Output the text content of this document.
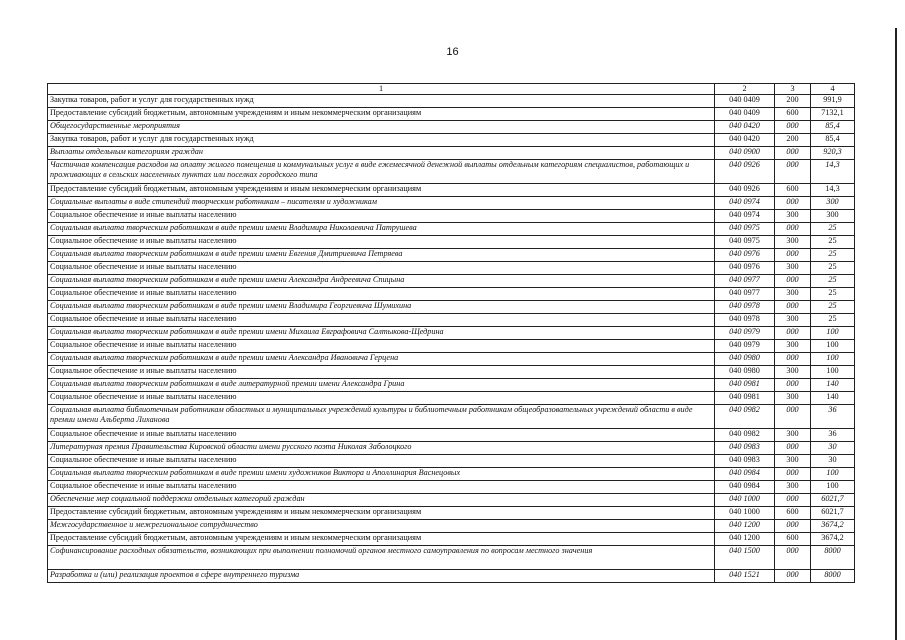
16
1	2	3	4
Закупка товаров, работ и услуг для государственных нужд	040 0409	200	991,9
Предоставление субсидий бюджетным, автономным учреждениям и иным некоммерческим организациям	040 0409	600	7132,1
Общегосударственные мероприятия	040 0420	000	85,4
Закупка товаров, работ и услуг для государственных нужд	040 0420	200	85,4
Выплаты отдельным категориям граждан	040 0900	000	920,3
Частичная компенсация расходов на оплату жилого помещения и коммунальных услуг в виде ежемесячной денежной выплаты отдельным категориям специалистов, работающих и проживающих в сельских населенных пунктах или поселках городского типа	040 0926	000	14,3
Предоставление субсидий бюджетным, автономным учреждениям и иным некоммерческим организациям	040 0926	600	14,3
Социальные выплаты в виде стипендий творческим работникам – писателям и художникам	040 0974	000	300
Социальное обеспечение и иные выплаты населению	040 0974	300	300
Социальная выплата творческим работникам в виде премии имени Владимира Николаевича Патрушева	040 0975	000	25
Социальное обеспечение и иные выплаты населению	040 0975	300	25
Социальная выплата творческим работникам в виде премии имени Евгения Дмитриевича Петряева	040 0976	000	25
Социальное обеспечение и иные выплаты населению	040 0976	300	25
Социальная выплата творческим работникам в виде премии имени Александра Андреевича Спицына	040 0977	000	25
Социальное обеспечение и иные выплаты населению	040 0977	300	25
Социальная выплата творческим работникам в виде премии имени Владимира Георгиевича Шумихина	040 0978	000	25
Социальное обеспечение и иные выплаты населению	040 0978	300	25
Социальная выплата творческим работникам в виде премии имени Михаила Евграфовича Салтыкова-Щедрина	040 0979	000	100
Социальное обеспечение и иные выплаты населению	040 0979	300	100
Социальная выплата творческим работникам в виде премии имени Александра Ивановича Герцена	040 0980	000	100
Социальное обеспечение и иные выплаты населению	040 0980	300	100
Социальная выплата творческим работникам в виде литературной премии имени Александра Грина	040 0981	000	140
Социальное обеспечение и иные выплаты населению	040 0981	300	140
Социальная выплата библиотечным работникам областных и муниципальных учреждений культуры и библиотечным работникам общеобразовательных учреждений области в виде премии имени Альберта Лиханова	040 0982	000	36
Социальное обеспечение и иные выплаты населению	040 0982	300	36
Литературная премия Правительства Кировской области имени русского поэта Николая Заболоцкого	040 0983	000	30
Социальное обеспечение и иные выплаты населению	040 0983	300	30
Социальная выплата творческим работникам в виде премии имени художников Виктора и Аполлинария Васнецовых	040 0984	000	100
Социальное обеспечение и иные выплаты населению	040 0984	300	100
Обеспечение мер социальной поддержки отдельных категорий граждан	040 1000	000	6021,7
Предоставление субсидий бюджетным, автономным учреждениям и иным некоммерческим организациям	040 1000	600	6021,7
Межгосударственное и межрегиональное сотрудничество	040 1200	000	3674,2
Предоставление субсидий бюджетным, автономным учреждениям и иным некоммерческим организациям	040 1200	600	3674,2
Софинансирование расходных обязательств, возникающих при выполнении полномочий органов местного самоуправления по вопросам местного значения	040 1500	000	8000
Разработка и (или) реализация проектов в сфере внутреннего туризма	040 1521	000	8000
